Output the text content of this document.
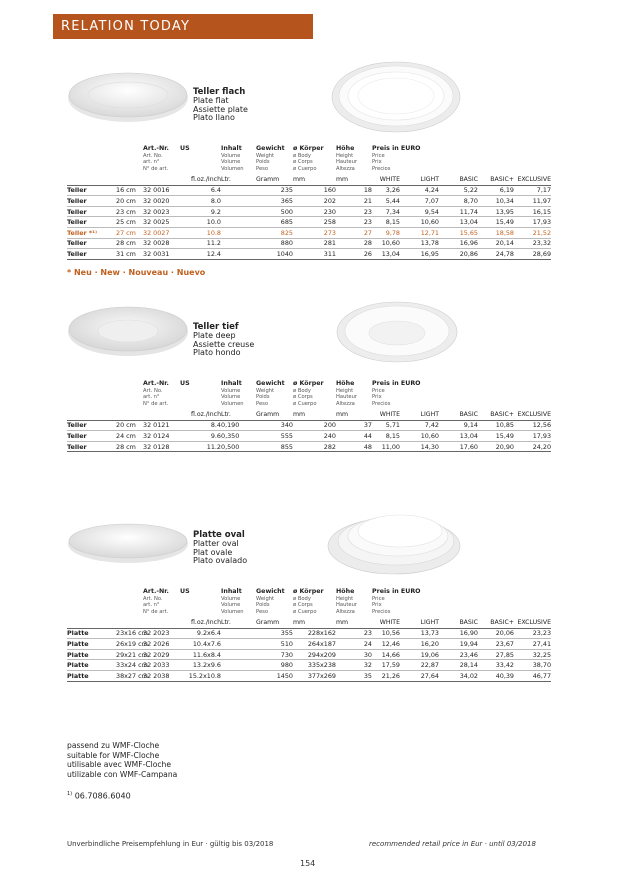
RELATION TODAY
Teller flach
Plate flat
Assiette plate
Plato llano
Teller tief
Plate deep
Assiette creuse
Plato hondo
Platte oval
Platter oval
Plat ovale
Plato ovalado
		Art.-Nr.
Art. No.
art. n°
N° de art.	US	Inhalt
Volume
Volume
Volumen	Gewicht
Weight
Poids
Peso	ø Körper
ø Body
ø Corps
ø Cuerpo	Höhe
Height
Hauteur
Altezza	Preis in EURO
Price
Prix
Precios				

			fl.oz./Inch	Ltr.	Gramm	mm	mm	WHITE	LIGHT	BASIC	BASIC+	EXCLUSIVE
Teller	16 cm	32 0016	6.4		235	160	18	3,26	4,24	5,22	6,19	7,17
Teller	20 cm	32 0020	8.0		365	202	21	5,44	7,07	8,70	10,34	11,97
Teller	23 cm	32 0023	9.2		500	230	23	7,34	9,54	11,74	13,95	16,15
Teller	25 cm	32 0025	10.0		685	258	23	8,15	10,60	13,04	15,49	17,93
Teller *¹⁾	27 cm	32 0027	10.8		825	273	27	9,78	12,71	15,65	18,58	21,52
Teller	28 cm	32 0028	11.2		880	281	28	10,60	13,78	16,96	20,14	23,32
Teller	31 cm	32 0031	12.4		1040	311	26	13,04	16,95	20,86	24,78	28,69
		Art.-Nr.
Art. No.
art. n°
N° de art.	US	Inhalt
Volume
Volume
Volumen	Gewicht
Weight
Poids
Peso	ø Körper
ø Body
ø Corps
ø Cuerpo	Höhe
Height
Hauteur
Altezza	Preis in EURO
Price
Prix
Precios				

			fl.oz./Inch	Ltr.	Gramm	mm	mm	WHITE	LIGHT	BASIC	BASIC+	EXCLUSIVE
Teller	20 cm	32 0121	8.4	0,190	340	200	37	5,71	7,42	9,14	10,85	12,56
Teller	24 cm	32 0124	9.6	0,350	555	240	44	8,15	10,60	13,04	15,49	17,93
Teller	28 cm	32 0128	11.2	0,500	855	282	48	11,00	14,30	17,60	20,90	24,20
		Art.-Nr.
Art. No.
art. n°
N° de art.	US	Inhalt
Volume
Volume
Volumen	Gewicht
Weight
Poids
Peso	ø Körper
ø Body
ø Corps
ø Cuerpo	Höhe
Height
Hauteur
Altezza	Preis in EURO
Price
Prix
Precios				

			fl.oz./Inch	Ltr.	Gramm	mm	mm	WHITE	LIGHT	BASIC	BASIC+	EXCLUSIVE
Platte	23x16 cm	32 2023	9.2x6.4		355	228x162	23	10,56	13,73	16,90	20,06	23,23
Platte	26x19 cm	32 2026	10.4x7.6		510	264x187	24	12,46	16,20	19,94	23,67	27,41
Platte	29x21 cm	32 2029	11.6x8.4		730	294x209	30	14,66	19,06	23,46	27,85	32,25
Platte	33x24 cm	32 2033	13.2x9.6		980	335x238	32	17,59	22,87	28,14	33,42	38,70
Platte	38x27 cm	32 2038	15.2x10.8		1450	377x269	35	21,26	27,64	34,02	40,39	46,77
* Neu · New · Nouveau · Nuevo
passend zu WMF-Cloche
suitable for WMF-Cloche
utilisable avec WMF-Cloche
utilizable con WMF-Campana
$^{1)}$ 06.7086.6040
Unverbindliche Preisempfehlung in Eur · gültig bis 03/2018	recommended retail price in Eur · until 03/2018
154
